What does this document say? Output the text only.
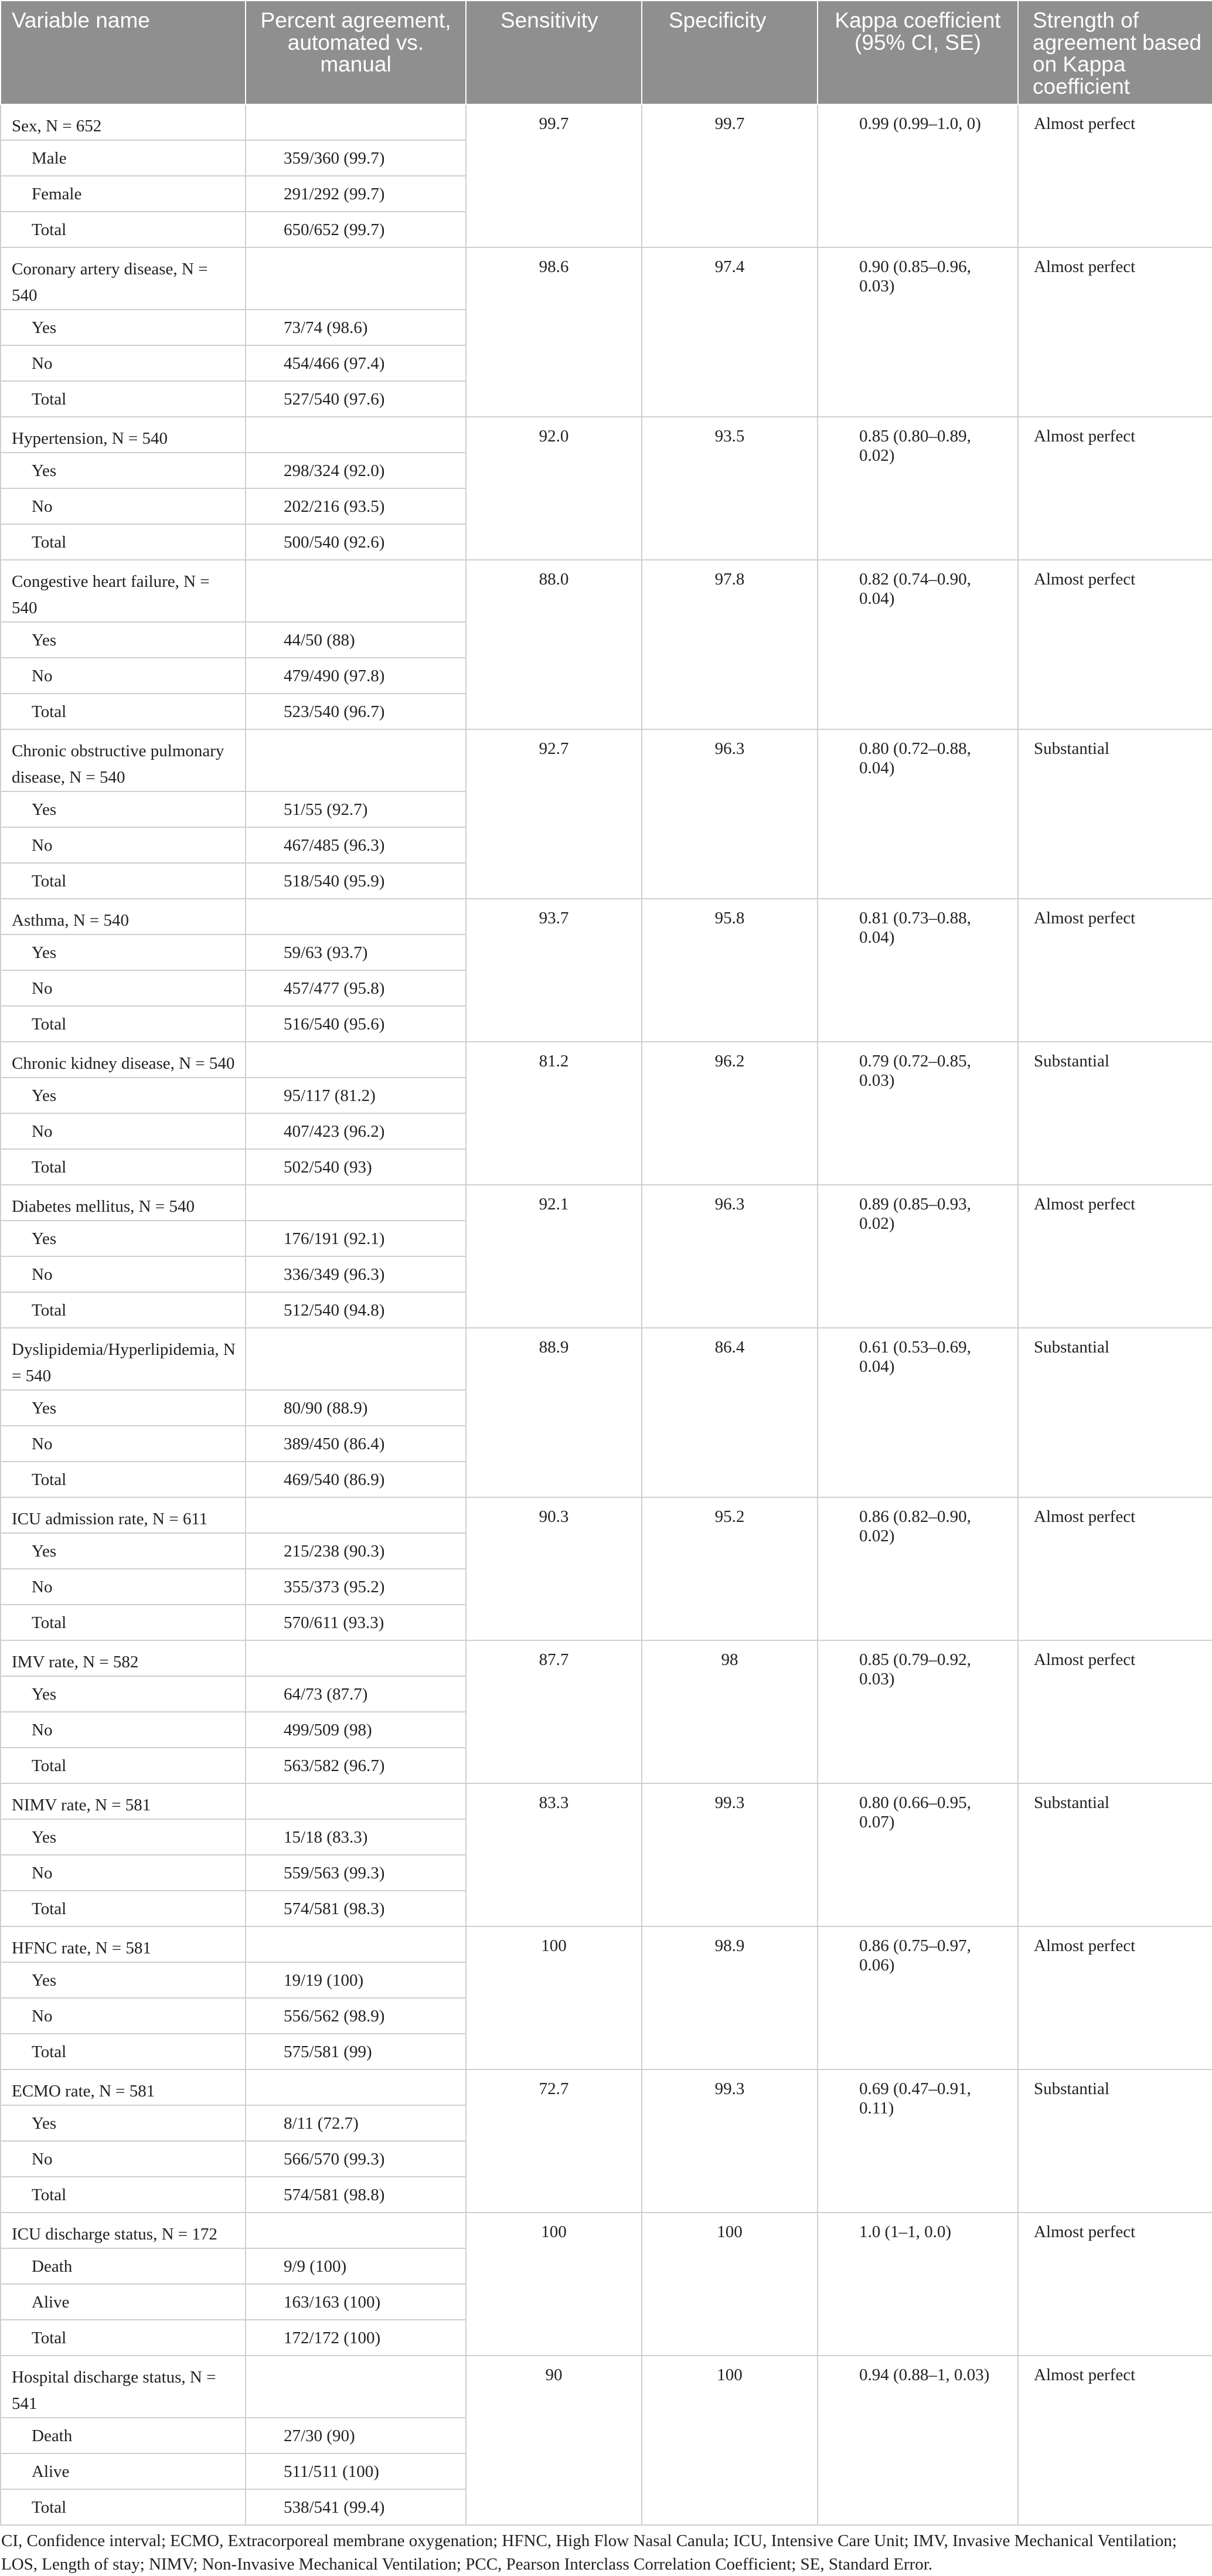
Variable name	Percent agreement, automated vs. manual	Sensitivity	Specificity	Kappa coefficient (95% CI, SE)	Strength of agreement based on Kappa coefficient
Sex, N = 652		99.7	99.7	0.99 (0.99–1.0, 0)	Almost perfect
Male	359/360 (99.7)				
Female	291/292 (99.7)				
Total	650/652 (99.7)				
Coronary artery disease, N = 540		98.6	97.4	0.90 (0.85–0.96, 0.03)	Almost perfect
Yes	73/74 (98.6)				
No	454/466 (97.4)				
Total	527/540 (97.6)				
Hypertension, N = 540		92.0	93.5	0.85 (0.80–0.89, 0.02)	Almost perfect
Yes	298/324 (92.0)				
No	202/216 (93.5)				
Total	500/540 (92.6)				
Congestive heart failure, N = 540		88.0	97.8	0.82 (0.74–0.90, 0.04)	Almost perfect
Yes	44/50 (88)				
No	479/490 (97.8)				
Total	523/540 (96.7)				
Chronic obstructive pulmonary disease, N = 540		92.7	96.3	0.80 (0.72–0.88, 0.04)	Substantial
Yes	51/55 (92.7)				
No	467/485 (96.3)				
Total	518/540 (95.9)				
Asthma, N = 540		93.7	95.8	0.81 (0.73–0.88, 0.04)	Almost perfect
Yes	59/63 (93.7)				
No	457/477 (95.8)				
Total	516/540 (95.6)				
Chronic kidney disease, N = 540		81.2	96.2	0.79 (0.72–0.85, 0.03)	Substantial
Yes	95/117 (81.2)				
No	407/423 (96.2)				
Total	502/540 (93)				
Diabetes mellitus, N = 540		92.1	96.3	0.89 (0.85–0.93, 0.02)	Almost perfect
Yes	176/191 (92.1)				
No	336/349 (96.3)				
Total	512/540 (94.8)				
Dyslipidemia/Hyperlipidemia, N = 540		88.9	86.4	0.61 (0.53–0.69, 0.04)	Substantial
Yes	80/90 (88.9)				
No	389/450 (86.4)				
Total	469/540 (86.9)				
ICU admission rate, N = 611		90.3	95.2	0.86 (0.82–0.90, 0.02)	Almost perfect
Yes	215/238 (90.3)				
No	355/373 (95.2)				
Total	570/611 (93.3)				
IMV rate, N = 582		87.7	98	0.85 (0.79–0.92, 0.03)	Almost perfect
Yes	64/73 (87.7)				
No	499/509 (98)				
Total	563/582 (96.7)				
NIMV rate, N = 581		83.3	99.3	0.80 (0.66–0.95, 0.07)	Substantial
Yes	15/18 (83.3)				
No	559/563 (99.3)				
Total	574/581 (98.3)				
HFNC rate, N = 581		100	98.9	0.86 (0.75–0.97, 0.06)	Almost perfect
Yes	19/19 (100)				
No	556/562 (98.9)				
Total	575/581 (99)				
ECMO rate, N = 581		72.7	99.3	0.69 (0.47–0.91, 0.11)	Substantial
Yes	8/11 (72.7)				
No	566/570 (99.3)				
Total	574/581 (98.8)				
ICU discharge status, N = 172		100	100	1.0 (1–1, 0.0)	Almost perfect
Death	9/9 (100)				
Alive	163/163 (100)				
Total	172/172 (100)				
Hospital discharge status, N = 541		90	100	0.94 (0.88–1, 0.03)	Almost perfect
Death	27/30 (90)				
Alive	511/511 (100)				
Total	538/541 (99.4)				
CI, Confidence interval; ECMO, Extracorporeal membrane oxygenation; HFNC, High Flow Nasal Canula; ICU, Intensive Care Unit; IMV, Invasive Mechanical Ventilation; LOS, Length of stay; NIMV; Non-Invasive Mechanical Ventilation; PCC, Pearson Interclass Correlation Coefficient; SE, Standard Error.
